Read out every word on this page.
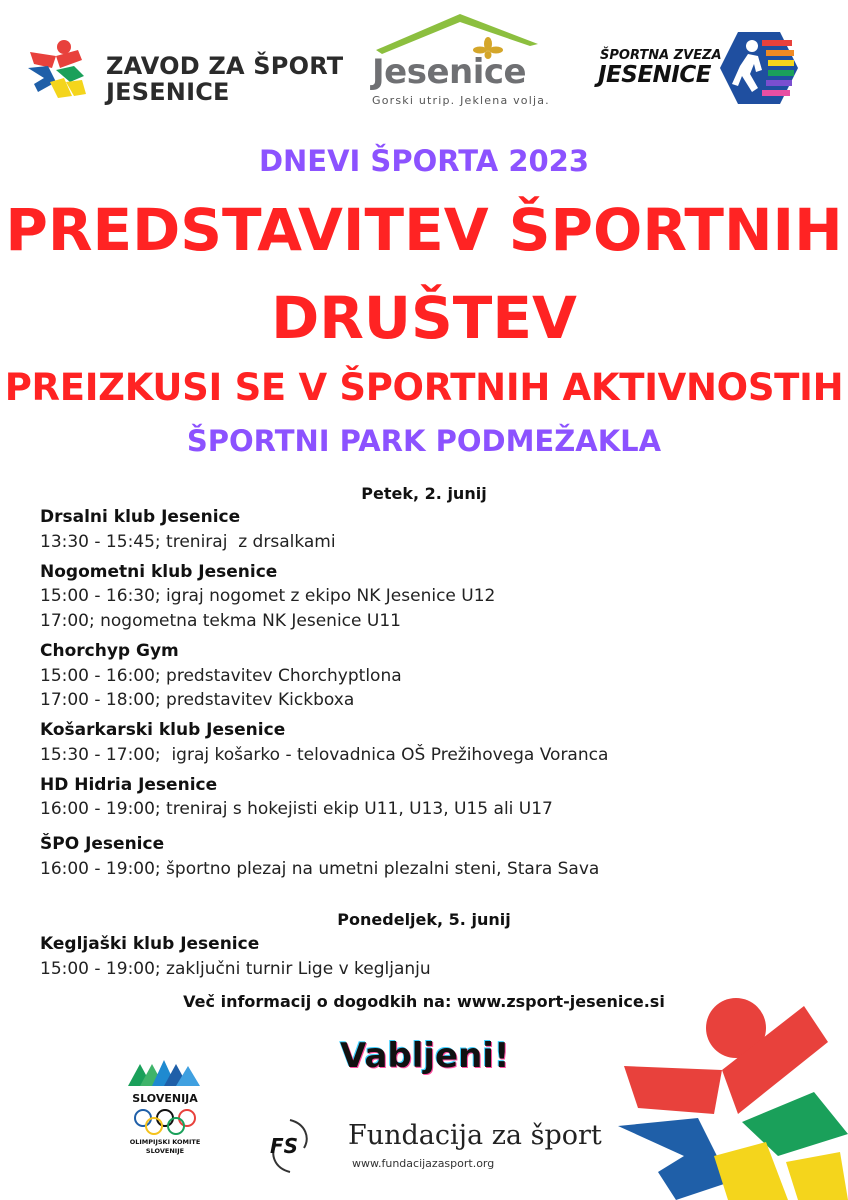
ZAVOD ZA ŠPORT
JESENICE	Jesenice
Gorski utrip. Jeklena volja.
ŠPORTNA ZVEZA
JESENICE
DNEVI ŠPORTA 2023
PREDSTAVITEV ŠPORTNIH
DRUŠTEV
PREIZKUSI SE V ŠPORTNIH AKTIVNOSTIH
ŠPORTNI PARK PODMEŽAKLA
Petek, 2. junij
Drsalni klub Jesenice
13:30 - 15:45; treniraj  z drsalkami
Nogometni klub Jesenice
15:00 - 16:30; igraj nogomet z ekipo NK Jesenice U12
17:00; nogometna tekma NK Jesenice U11
Chorchyp Gym
15:00 - 16:00; predstavitev Chorchyptlona
17:00 - 18:00; predstavitev Kickboxa
Košarkarski klub Jesenice
15:30 - 17:00;  igraj košarko - telovadnica OŠ Prežihovega Voranca
HD Hidria Jesenice
16:00 - 19:00; treniraj s hokejisti ekip U11, U13, U15 ali U17
ŠPO Jesenice
16:00 - 19:00; športno plezaj na umetni plezalni steni, Stara Sava
Ponedeljek, 5. junij
Kegljaški klub Jesenice
15:00 - 19:00; zaključni turnir Lige v kegljanju
Več informacij o dogodkih na: www.zsport-jesenice.si
Vabljeni!
SLOVENIJA
OLIMPIJSKI KOMITE
SLOVENIJE	FS Fundacija za šport
www.fundacijazasport.org
